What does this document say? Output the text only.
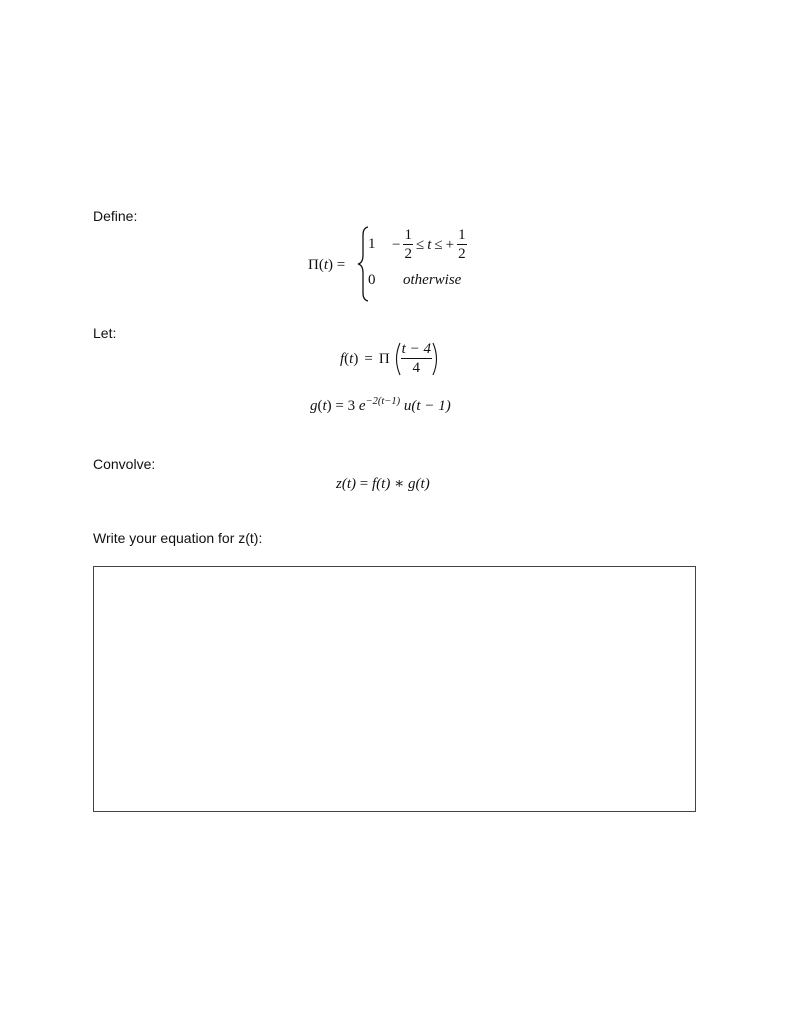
Define:
Let:
Convolve:
Write your equation for z(t):
Π(t) =
$1 - \frac{1}{2} \le t$ ≤ + $\frac{1}{2}$
0 otherwise
f ( t ) = Π $\frac{t - 4}{4}$
g(t) = 3 $e^{-2(t-1)}$ u(t − 1)
z(t) = f(t) ∗ g(t)
